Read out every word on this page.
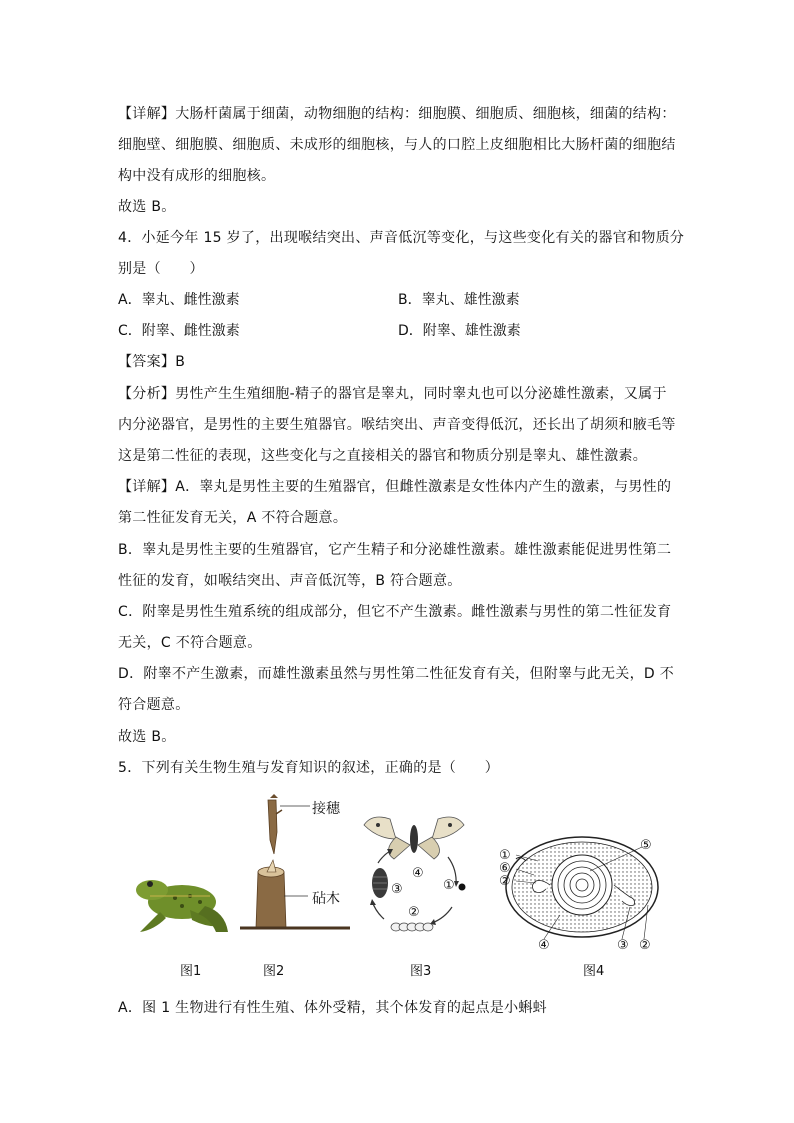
【详解】大肠杆菌属于细菌，动物细胞的结构：细胞膜、细胞质、细胞核，细菌的结构：
细胞壁、细胞膜、细胞质、未成形的细胞核，与人的口腔上皮细胞相比大肠杆菌的细胞结
构中没有成形的细胞核。
故选 B。
4．小延今年 15 岁了，出现喉结突出、声音低沉等变化，与这些变化有关的器官和物质分
别是（　　）
A．睾丸、雌性激素	B．睾丸、雄性激素
C．附睾、雌性激素	D．附睾、雄性激素
【答案】B
【分析】男性产生生殖细胞-精子的器官是睾丸，同时睾丸也可以分泌雄性激素，又属于
内分泌器官，是男性的主要生殖器官。喉结突出、声音变得低沉，还长出了胡须和腋毛等
这是第二性征的表现，这些变化与之直接相关的器官和物质分别是睾丸、雄性激素。
【详解】A．睾丸是男性主要的生殖器官，但雌性激素是女性体内产生的激素，与男性的
第二性征发育无关，A 不符合题意。
B．睾丸是男性主要的生殖器官，它产生精子和分泌雄性激素。雄性激素能促进男性第二
性征的发育，如喉结突出、声音低沉等，B 符合题意。
C．附睾是男性生殖系统的组成部分，但它不产生激素。雌性激素与男性的第二性征发育
无关，C 不符合题意。
D．附睾不产生激素，而雄性激素虽然与男性第二性征发育有关，但附睾与此无关，D 不
符合题意。
故选 B。
5．下列有关生物生殖与发育知识的叙述，正确的是（　　）
接穗
砧木
④
①
③
②
①
⑥
②
⑤
④	③ ②
图1	图2	图3	图4
A．图 1 生物进行有性生殖、体外受精，其个体发育的起点是小蝌蚪
